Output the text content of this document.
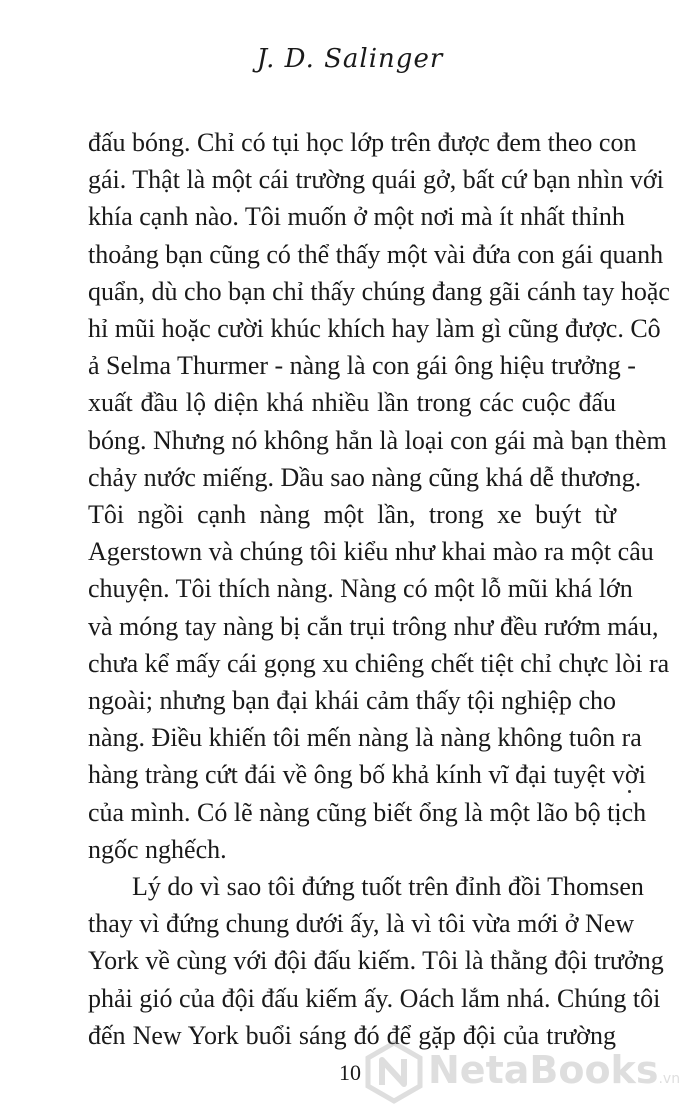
J. D. Salinger
đấu bóng. Chỉ có tụi học lớp trên được đem theo con
gái. Thật là một cái trường quái gở, bất cứ bạn nhìn với
khía cạnh nào. Tôi muốn ở một nơi mà ít nhất thỉnh
thoảng bạn cũng có thể thấy một vài đứa con gái quanh
quẩn, dù cho bạn chỉ thấy chúng đang gãi cánh tay hoặc
hỉ mũi hoặc cười khúc khích hay làm gì cũng được. Cô
ả Selma Thurmer - nàng là con gái ông hiệu trưởng -
xuất đầu lộ diện khá nhiều lần trong các cuộc đấu
bóng. Nhưng nó không hẳn là loại con gái mà bạn thèm
chảy nước miếng. Dầu sao nàng cũng khá dễ thương.
Tôi ngồi cạnh nàng một lần, trong xe buýt từ
Agerstown và chúng tôi kiểu như khai mào ra một câu
chuyện. Tôi thích nàng. Nàng có một lỗ mũi khá lớn
và móng tay nàng bị cắn trụi trông như đều rướm máu,
chưa kể mấy cái gọng xu chiêng chết tiệt chỉ chực lòi ra
ngoài; nhưng bạn đại khái cảm thấy tội nghiệp cho
nàng. Điều khiến tôi mến nàng là nàng không tuôn ra
hàng tràng cứt đái về ông bố khả kính vĩ đại tuyệt vời
của mình. Có lẽ nàng cũng biết ổng là một lão bộ tịch
ngốc nghếch.
Lý do vì sao tôi đứng tuốt trên đỉnh đồi Thomsen
thay vì đứng chung dưới ấy, là vì tôi vừa mới ở New
York về cùng với đội đấu kiếm. Tôi là thằng đội trưởng
phải gió của đội đấu kiếm ấy. Oách lắm nhá. Chúng tôi
đến New York buổi sáng đó để gặp đội của trường
10	NetaBooks.vn
